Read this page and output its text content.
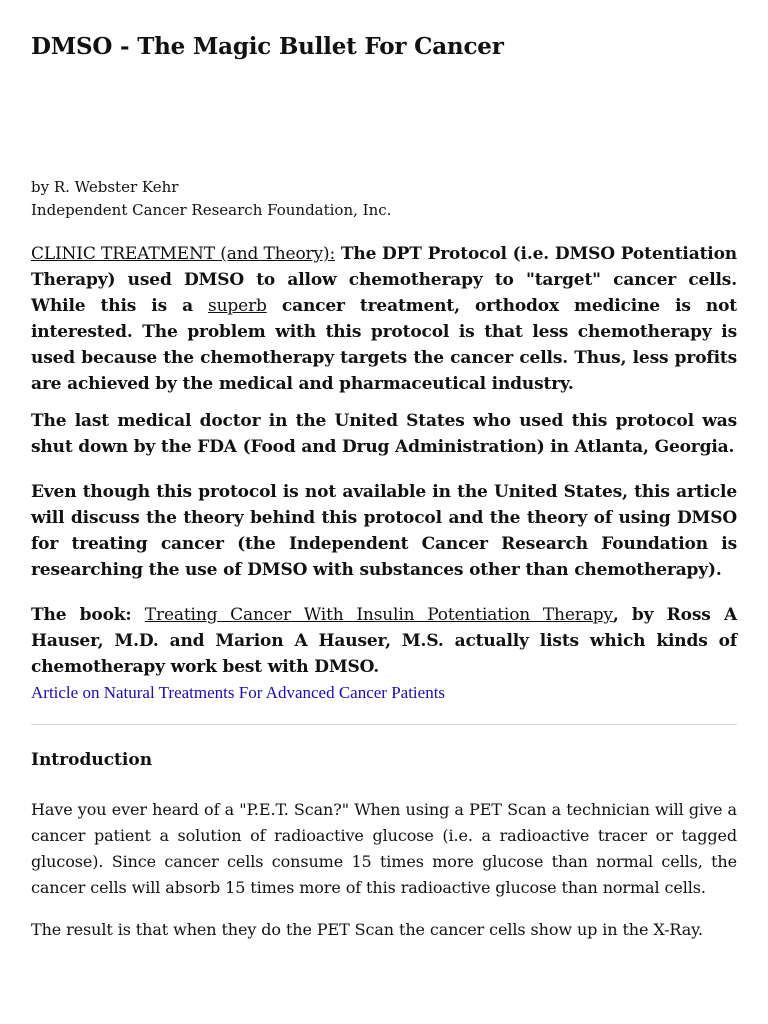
DMSO - The Magic Bullet For Cancer
by R. Webster Kehr
Independent Cancer Research Foundation, Inc.

CLINIC TREATMENT (and Theory): The DPT Protocol (i.e. DMSO Potentiation Therapy) used DMSO to allow chemotherapy to "target" cancer cells. While this is a superb cancer treatment, orthodox medicine is not interested. The problem with this protocol is that less chemotherapy is used because the chemotherapy targets the cancer cells. Thus, less profits are achieved by the medical and pharmaceutical industry.

The last medical doctor in the United States who used this protocol was shut down by the FDA (Food and Drug Administration) in Atlanta, Georgia.

Even though this protocol is not available in the United States, this article will discuss the theory behind this protocol and the theory of using DMSO for treating cancer (the Independent Cancer Research Foundation is researching the use of DMSO with substances other than chemotherapy).

The book: Treating Cancer With Insulin Potentiation Therapy, by Ross A Hauser, M.D. and Marion A Hauser, M.S. actually lists which kinds of chemotherapy work best with DMSO.

Article on Natural Treatments For Advanced Cancer Patients
Introduction

Have you ever heard of a "P.E.T. Scan?" When using a PET Scan a technician will give a cancer patient a solution of radioactive glucose (i.e. a radioactive tracer or tagged glucose). Since cancer cells consume 15 times more glucose than normal cells, the cancer cells will absorb 15 times more of this radioactive glucose than normal cells.

The result is that when they do the PET Scan the cancer cells show up in the X-Ray.
